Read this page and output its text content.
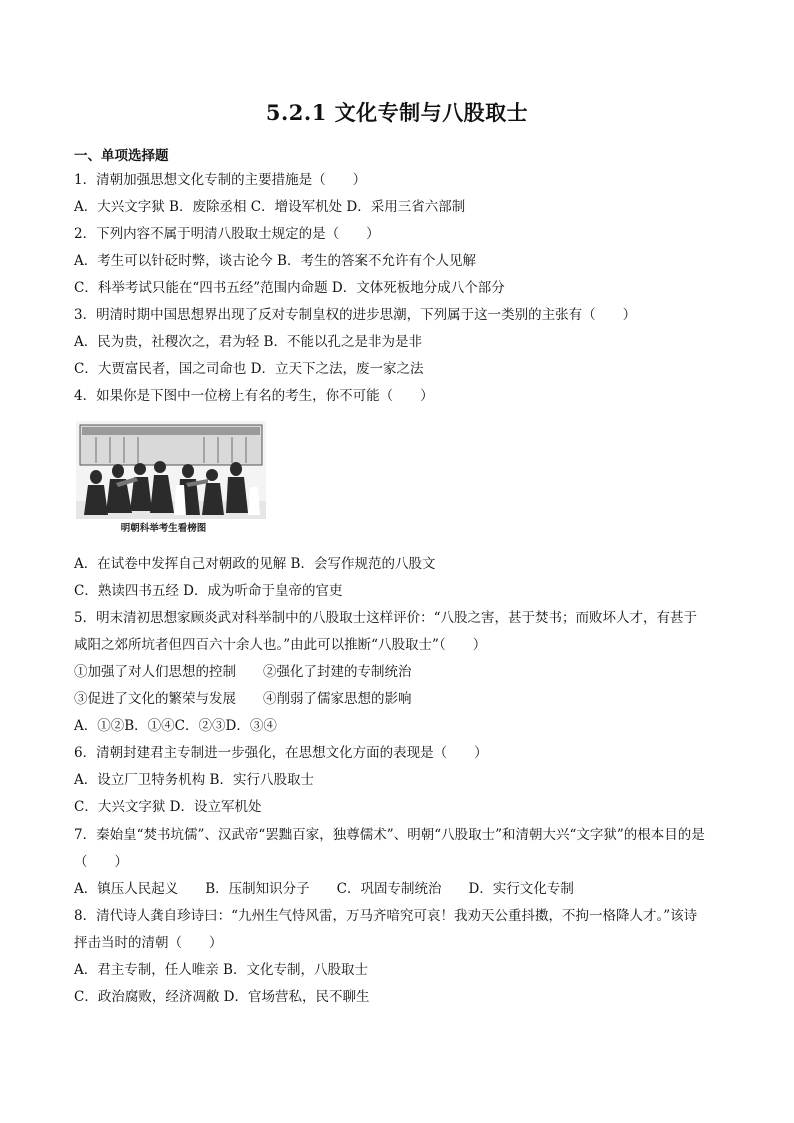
5.2.1 文化专制与八股取士
一、单项选择题
1．清朝加强思想文化专制的主要措施是（　　）
A．大兴文字狱 B．废除丞相 C．增设军机处 D．采用三省六部制
2．下列内容不属于明清八股取士规定的是（　　）
A．考生可以针砭时弊，谈古论今 B．考生的答案不允许有个人见解
C．科举考试只能在“四书五经”范围内命题 D．文体死板地分成八个部分
3．明清时期中国思想界出现了反对专制皇权的进步思潮，下列属于这一类别的主张有（　　）
A．民为贵，社稷次之，君为轻 B．不能以孔之是非为是非
C．大贾富民者，国之司命也 D．立天下之法，废一家之法
4．如果你是下图中一位榜上有名的考生，你不可能（　　）
明朝科举考生看榜图
A．在试卷中发挥自己对朝政的见解 B．会写作规范的八股文
C．熟读四书五经 D．成为听命于皇帝的官吏
5．明末清初思想家顾炎武对科举制中的八股取士这样评价：“八股之害，甚于焚书；而败坏人才，有甚于
咸阳之郊所坑者但四百六十余人也。”由此可以推断“八股取士”（　　）
①加强了对人们思想的控制　　②强化了封建的专制统治
③促进了文化的繁荣与发展　　④削弱了儒家思想的影响
A．①②B．①④C．②③D．③④
6．清朝封建君主专制进一步强化，在思想文化方面的表现是（　　）
A．设立厂卫特务机构 B．实行八股取士
C．大兴文字狱 D．设立军机处
7．秦始皇“焚书坑儒”、汉武帝“罢黜百家，独尊儒术”、明朝“八股取士”和清朝大兴“文字狱”的根本目的是
（　　）
A．镇压人民起义　　B．压制知识分子　　C．巩固专制统治　　D．实行文化专制
8．清代诗人龚自珍诗曰：“九州生气恃风雷，万马齐喑究可哀！我劝天公重抖擞，不拘一格降人才。”该诗
抨击当时的清朝（　　）
A．君主专制，任人唯亲 B．文化专制，八股取士
C．政治腐败，经济凋敝 D．官场营私，民不聊生
